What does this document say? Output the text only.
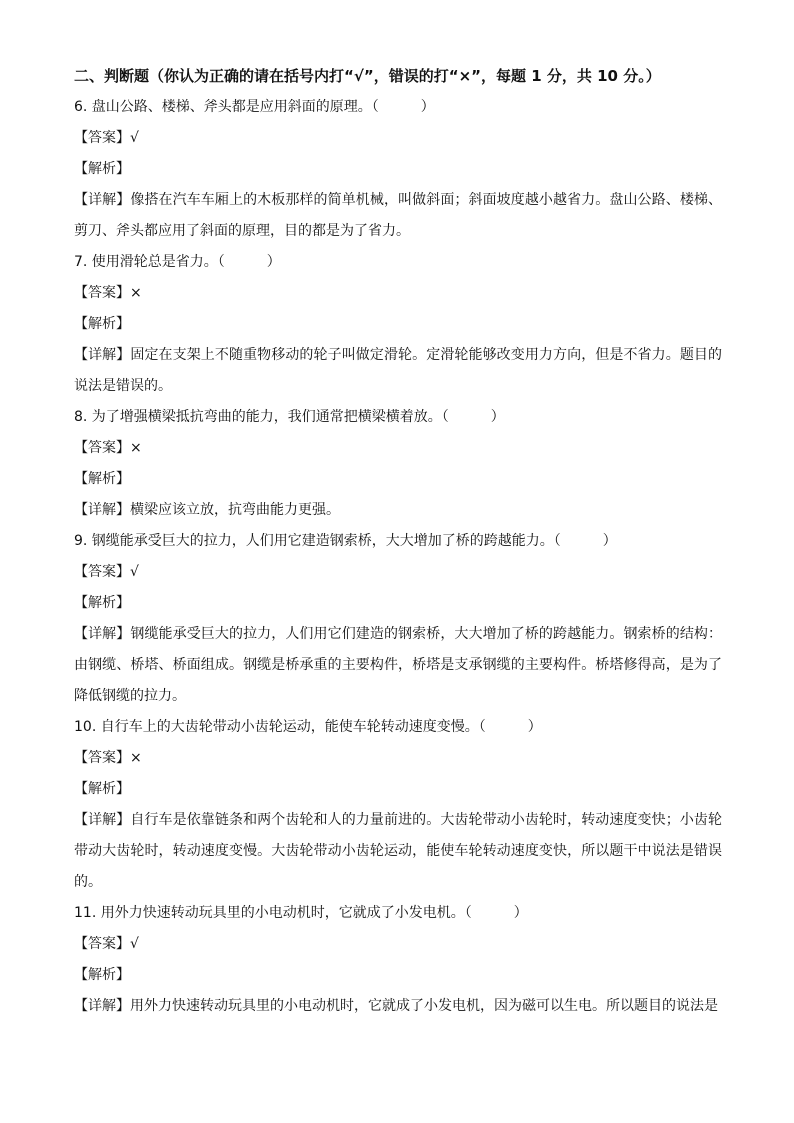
二、判断题（你认为正确的请在括号内打“√”，错误的打“×”，每题 1 分，共 10 分。）
6. 盘山公路、楼梯、斧头都是应用斜面的原理。（　　　）
【答案】√
【解析】
【详解】像搭在汽车车厢上的木板那样的简单机械，叫做斜面；斜面坡度越小越省力。盘山公路、楼梯、剪刀、斧头都应用了斜面的原理，目的都是为了省力。
7. 使用滑轮总是省力。（　　　）
【答案】×
【解析】
【详解】固定在支架上不随重物移动的轮子叫做定滑轮。定滑轮能够改变用力方向，但是不省力。题目的说法是错误的。
8. 为了增强横梁抵抗弯曲的能力，我们通常把横梁横着放。（　　　）
【答案】×
【解析】
【详解】横梁应该立放，抗弯曲能力更强。
9. 钢缆能承受巨大的拉力，人们用它建造钢索桥，大大增加了桥的跨越能力。（　　　）
【答案】√
【解析】
【详解】钢缆能承受巨大的拉力，人们用它们建造的钢索桥，大大增加了桥的跨越能力。钢索桥的结构：由钢缆、桥塔、桥面组成。钢缆是桥承重的主要构件，桥塔是支承钢缆的主要构件。桥塔修得高，是为了降低钢缆的拉力。
10. 自行车上的大齿轮带动小齿轮运动，能使车轮转动速度变慢。（　　　）
【答案】×
【解析】
【详解】自行车是依靠链条和两个齿轮和人的力量前进的。大齿轮带动小齿轮时，转动速度变快；小齿轮带动大齿轮时，转动速度变慢。大齿轮带动小齿轮运动，能使车轮转动速度变快，所以题干中说法是错误的。
11. 用外力快速转动玩具里的小电动机时，它就成了小发电机。（　　　）
【答案】√
【解析】
【详解】用外力快速转动玩具里的小电动机时，它就成了小发电机，因为磁可以生电。所以题目的说法是
